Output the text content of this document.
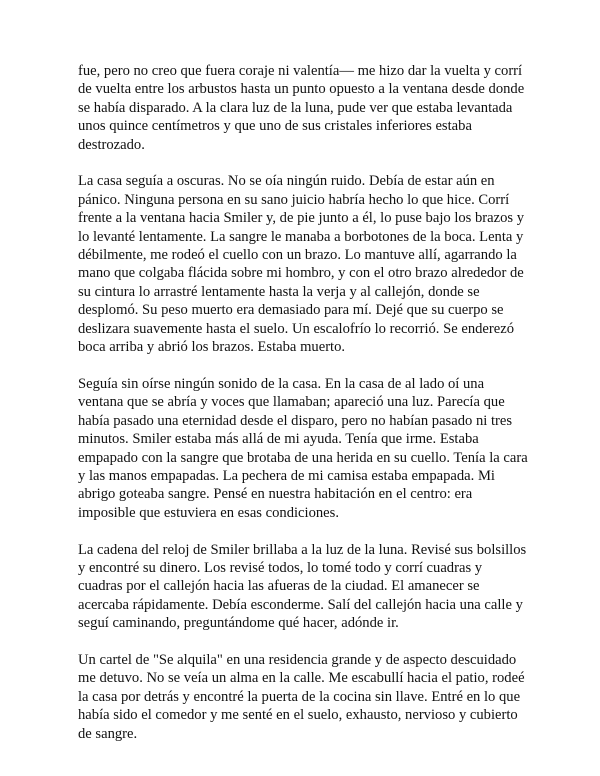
fue, pero no creo que fuera coraje ni valentía— me hizo dar la vuelta y corrí de vuelta entre los arbustos hasta un punto opuesto a la ventana desde donde se había disparado. A la clara luz de la luna, pude ver que estaba levantada unos quince centímetros y que uno de sus cristales inferiores estaba destrozado.

La casa seguía a oscuras. No se oía ningún ruido. Debía de estar aún en pánico. Ninguna persona en su sano juicio habría hecho lo que hice. Corrí frente a la ventana hacia Smiler y, de pie junto a él, lo puse bajo los brazos y lo levanté lentamente. La sangre le manaba a borbotones de la boca. Lenta y débilmente, me rodeó el cuello con un brazo. Lo mantuve allí, agarrando la mano que colgaba flácida sobre mi hombro, y con el otro brazo alrededor de su cintura lo arrastré lentamente hasta la verja y al callejón, donde se desplomó. Su peso muerto era demasiado para mí. Dejé que su cuerpo se deslizara suavemente hasta el suelo. Un escalofrío lo recorrió. Se enderezó boca arriba y abrió los brazos. Estaba muerto.

Seguía sin oírse ningún sonido de la casa. En la casa de al lado oí una ventana que se abría y voces que llamaban; apareció una luz. Parecía que había pasado una eternidad desde el disparo, pero no habían pasado ni tres minutos. Smiler estaba más allá de mi ayuda. Tenía que irme. Estaba empapado con la sangre que brotaba de una herida en su cuello. Tenía la cara y las manos empapadas. La pechera de mi camisa estaba empapada. Mi abrigo goteaba sangre. Pensé en nuestra habitación en el centro: era imposible que estuviera en esas condiciones.

La cadena del reloj de Smiler brillaba a la luz de la luna. Revisé sus bolsillos y encontré su dinero. Los revisé todos, lo tomé todo y corrí cuadras y cuadras por el callejón hacia las afueras de la ciudad. El amanecer se acercaba rápidamente. Debía esconderme. Salí del callejón hacia una calle y seguí caminando, preguntándome qué hacer, adónde ir.

Un cartel de "Se alquila" en una residencia grande y de aspecto descuidado me detuvo. No se veía un alma en la calle. Me escabullí hacia el patio, rodeé la casa por detrás y encontré la puerta de la cocina sin llave. Entré en lo que había sido el comedor y me senté en el suelo, exhausto, nervioso y cubierto de sangre.
